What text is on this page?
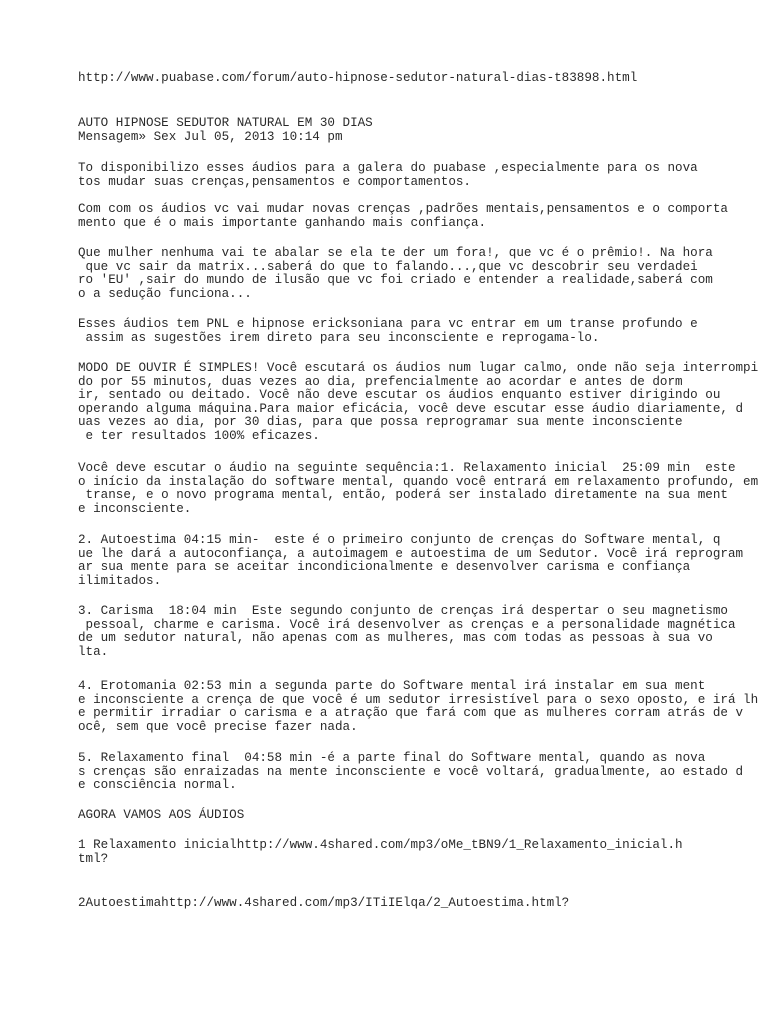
http://www.puabase.com/forum/auto-hipnose-sedutor-natural-dias-t83898.html

AUTO HIPNOSE SEDUTOR NATURAL EM 30 DIAS

Mensagem» Sex Jul 05, 2013 10:14 pm

To disponibilizo esses áudios para a galera do puabase ,especialmente para os nova
tos mudar suas crenças,pensamentos e comportamentos.

Com com os áudios vc vai mudar novas crenças ,padrões mentais,pensamentos e o comporta
mento que é o mais importante ganhando mais confiança.

Que mulher nenhuma vai te abalar se ela te der um fora!, que vc é o prêmio!. Na hora
que vc sair da matrix...saberá do que to falando...,que vc descobrir seu verdadei
ro 'EU' ,sair do mundo de ilusão que vc foi criado e entender a realidade,saberá com
o a sedução funciona...

Esses áudios tem PNL e hipnose ericksoniana para vc entrar em um transe profundo e
assim as sugestões irem direto para seu inconsciente e reprogama-lo.

MODO DE OUVIR É SIMPLES! Você escutará os áudios num lugar calmo, onde não seja interrompi
do por 55 minutos, duas vezes ao dia, prefencialmente ao acordar e antes de dorm
ir, sentado ou deitado. Você não deve escutar os áudios enquanto estiver dirigindo ou
operando alguma máquina.Para maior eficácia, você deve escutar esse áudio diariamente, d
uas vezes ao dia, por 30 dias, para que possa reprogramar sua mente inconsciente
e ter resultados 100% eficazes.

Você deve escutar o áudio na seguinte sequência:1. Relaxamento inicial  25:09 min  este
o início da instalação do software mental, quando você entrará em relaxamento profundo, em
transe, e o novo programa mental, então, poderá ser instalado diretamente na sua ment
e inconsciente.

2. Autoestima 04:15 min-  este é o primeiro conjunto de crenças do Software mental, q
ue lhe dará a autoconfiança, a autoimagem e autoestima de um Sedutor. Você irá reprogram
ar sua mente para se aceitar incondicionalmente e desenvolver carisma e confiança
ilimitados.

3. Carisma  18:04 min  Este segundo conjunto de crenças irá despertar o seu magnetismo
pessoal, charme e carisma. Você irá desenvolver as crenças e a personalidade magnética
de um sedutor natural, não apenas com as mulheres, mas com todas as pessoas à sua vo
lta.

4. Erotomania 02:53 min a segunda parte do Software mental irá instalar em sua ment
e inconsciente a crença de que você é um sedutor irresistível para o sexo oposto, e irá lh
e permitir irradiar o carisma e a atração que fará com que as mulheres corram atrás de v
ocê, sem que você precise fazer nada.

5. Relaxamento final  04:58 min -é a parte final do Software mental, quando as nova
s crenças são enraizadas na mente inconsciente e você voltará, gradualmente, ao estado d
e consciência normal.

AGORA VAMOS AOS ÁUDIOS

1 Relaxamento inicialhttp://www.4shared.com/mp3/oMe_tBN9/1_Relaxamento_inicial.h
tml?

2Autoestimahttp://www.4shared.com/mp3/ITiIElqa/2_Autoestima.html?
